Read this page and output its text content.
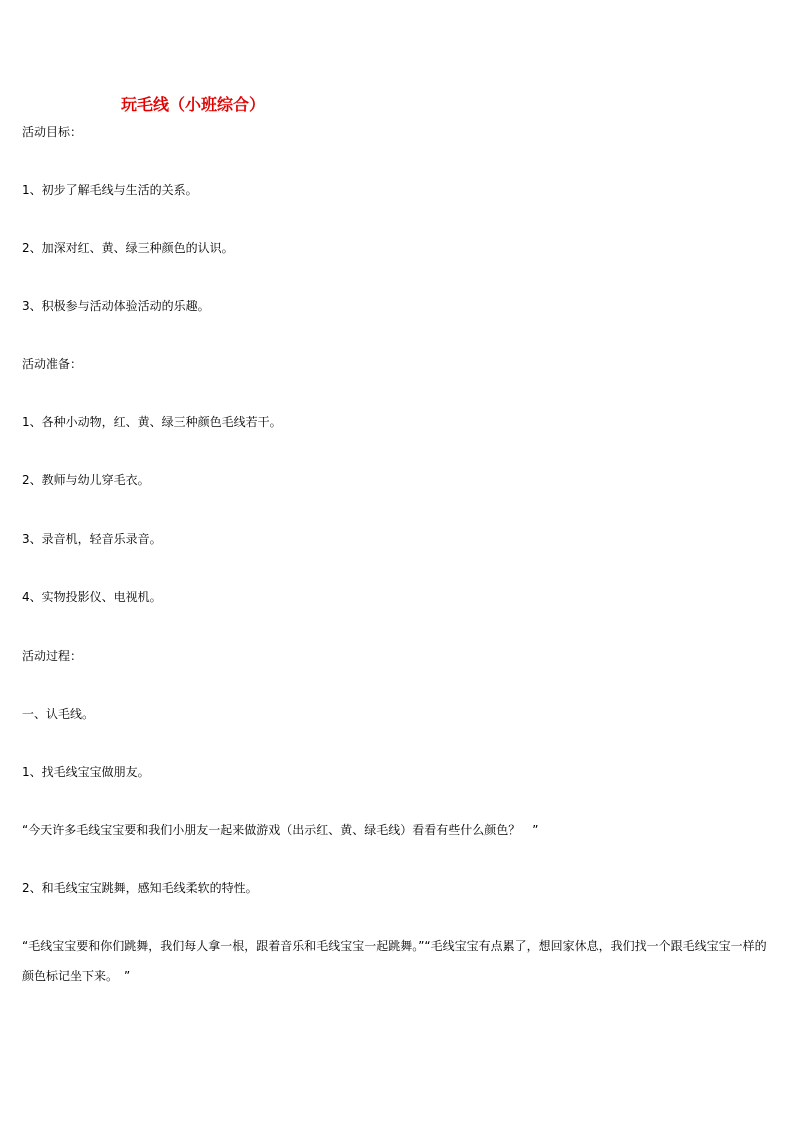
玩毛线（小班综合）

活动目标：

1、初步了解毛线与生活的关系。

2、加深对红、黄、绿三种颜色的认识。

3、积极参与活动体验活动的乐趣。

活动准备：

1、各种小动物，红、黄、绿三种颜色毛线若干。

2、教师与幼儿穿毛衣。

3、录音机，轻音乐录音。

4、实物投影仪、电视机。

活动过程：

一、认毛线。

1、找毛线宝宝做朋友。

“今天许多毛线宝宝要和我们小朋友一起来做游戏（出示红、黄、绿毛线）看看有些什么颜色？　”

2、和毛线宝宝跳舞，感知毛线柔软的特性。

“毛线宝宝要和你们跳舞，我们每人拿一根，跟着音乐和毛线宝宝一起跳舞。”“毛线宝宝有点累了，想回家休息，我们找一个跟毛线宝宝一样的颜色标记坐下来。　”
